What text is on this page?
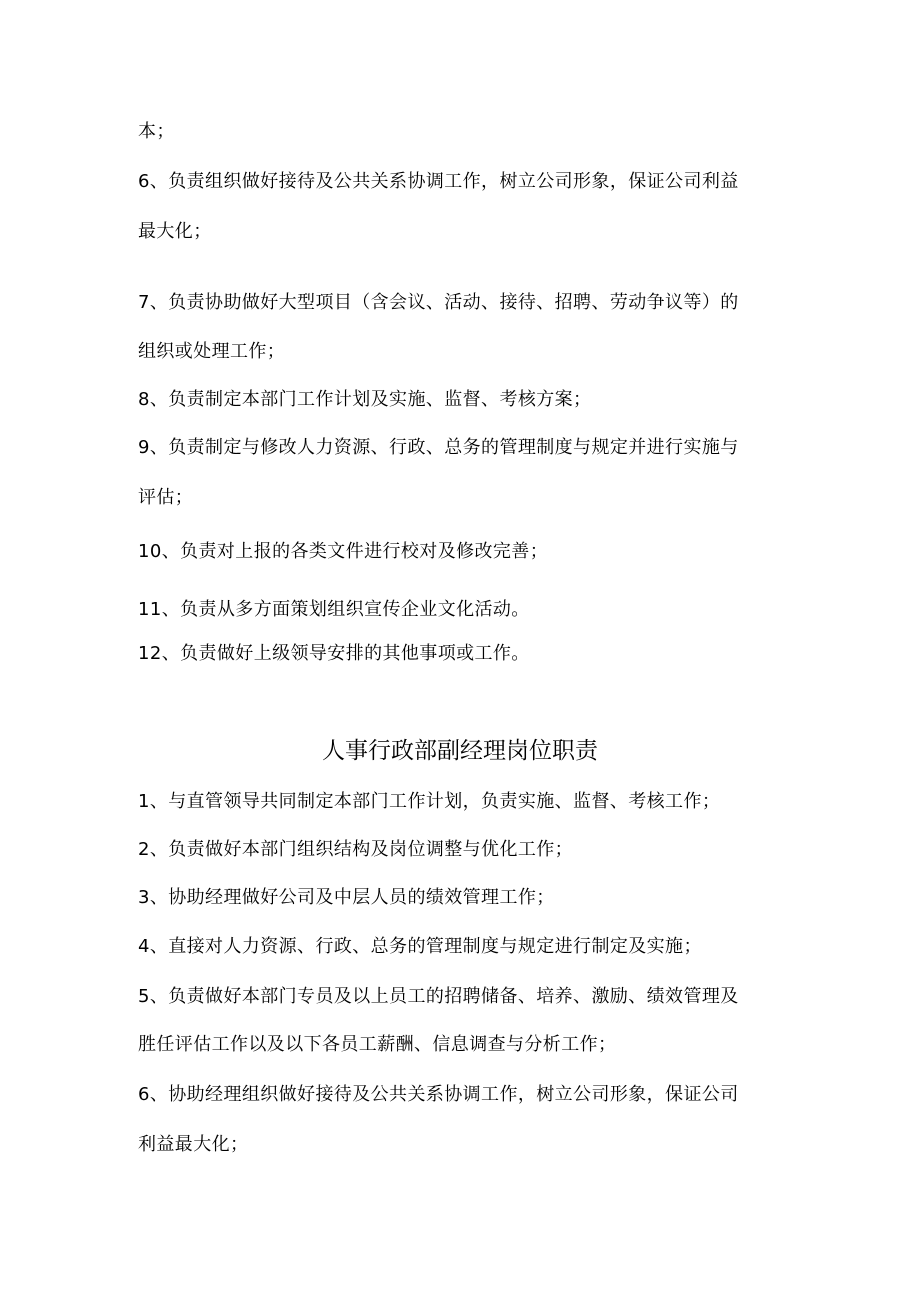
本；
6、负责组织做好接待及公共关系协调工作，树立公司形象，保证公司利益
最大化；
7、负责协助做好大型项目（含会议、活动、接待、招聘、劳动争议等）的
组织或处理工作；
8、负责制定本部门工作计划及实施、监督、考核方案；
9、负责制定与修改人力资源、行政、总务的管理制度与规定并进行实施与
评估；
10、负责对上报的各类文件进行校对及修改完善；
11、负责从多方面策划组织宣传企业文化活动。
12、负责做好上级领导安排的其他事项或工作。
人事行政部副经理岗位职责
1、与直管领导共同制定本部门工作计划，负责实施、监督、考核工作；
2、负责做好本部门组织结构及岗位调整与优化工作；
3、协助经理做好公司及中层人员的绩效管理工作；
4、直接对人力资源、行政、总务的管理制度与规定进行制定及实施；
5、负责做好本部门专员及以上员工的招聘储备、培养、激励、绩效管理及
胜任评估工作以及以下各员工薪酬、信息调查与分析工作；
6、协助经理组织做好接待及公共关系协调工作，树立公司形象，保证公司
利益最大化；
